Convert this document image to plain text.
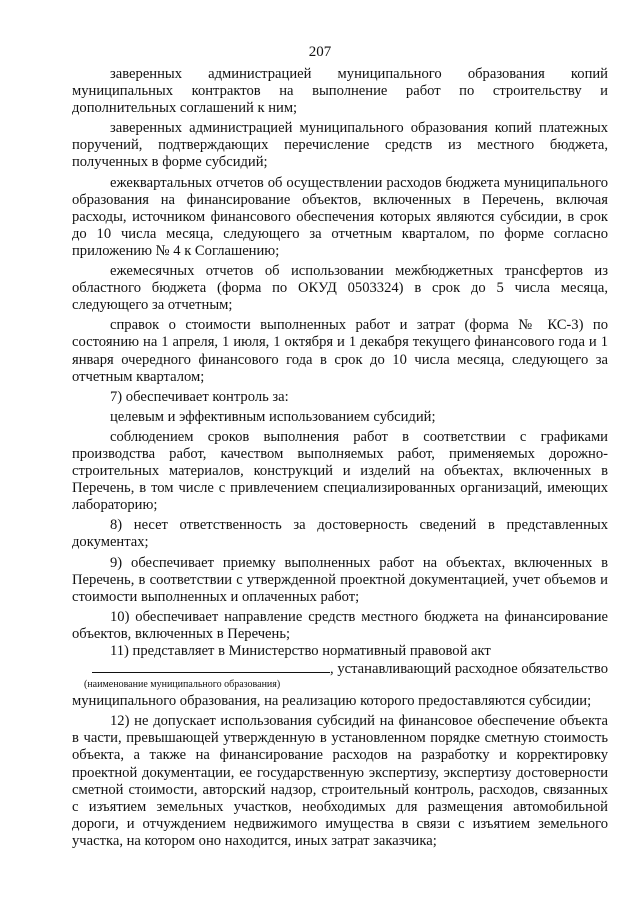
207

заверенных администрацией муниципального образования копий муниципальных контрактов на выполнение работ по строительству и дополнительных соглашений к ним;

заверенных администрацией муниципального образования копий платежных поручений, подтверждающих перечисление средств из местного бюджета, полученных в форме субсидий;

ежеквартальных отчетов об осуществлении расходов бюджета муниципального образования на финансирование объектов, включенных в Перечень, включая расходы, источником финансового обеспечения которых являются субсидии, в срок до 10 числа месяца, следующего за отчетным кварталом, по форме согласно приложению № 4 к Соглашению;

ежемесячных отчетов об использовании межбюджетных трансфертов из областного бюджета (форма по ОКУД 0503324) в срок до 5 числа месяца, следующего за отчетным;

справок о стоимости выполненных работ и затрат (форма № КС-3) по состоянию на 1 апреля, 1 июля, 1 октября и 1 декабря текущего финансового года и 1 января очередного финансового года в срок до 10 числа месяца, следующего за отчетным кварталом;

7) обеспечивает контроль за:

целевым и эффективным использованием субсидий;

соблюдением сроков выполнения работ в соответствии с графиками производства работ, качеством выполняемых работ, применяемых дорожно-строительных материалов, конструкций и изделий на объектах, включенных в Перечень, в том числе с привлечением специализированных организаций, имеющих лабораторию;

8) несет ответственность за достоверность сведений в представленных документах;

9) обеспечивает приемку выполненных работ на объектах, включенных в Перечень, в соответствии с утвержденной проектной документацией, учет объемов и стоимости выполненных и оплаченных работ;

10) обеспечивает направление средств местного бюджета на финансирование объектов, включенных в Перечень;

11) представляет в Министерство нормативный правовой акт

, устанавливающий расходное обязательство

(наименование муниципального образования)

муниципального образования, на реализацию которого предоставляются субсидии;

12) не допускает использования субсидий на финансовое обеспечение объекта в части, превышающей утвержденную в установленном порядке сметную стоимость объекта, а также на финансирование расходов на разработку и корректировку проектной документации, ее государственную экспертизу, экспертизу достоверности сметной стоимости, авторский надзор, строительный контроль, расходов, связанных с изъятием земельных участков, необходимых для размещения автомобильной дороги, и отчуждением недвижимого имущества в связи с изъятием земельного участка, на котором оно находится, иных затрат заказчика;
